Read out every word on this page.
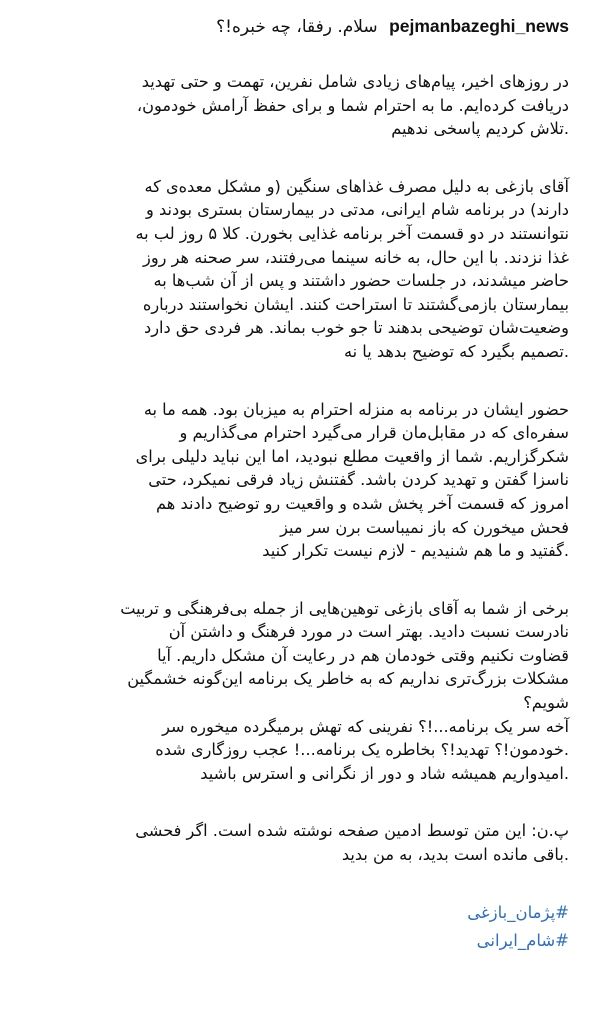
pejmanbazeghi_news سلام. رفقا، چه خبره!؟
در روزهای اخیر، پیام‌های زیادی شامل نفرین، تهمت و حتی تهدید
دریافت کرده‌ایم. ما به احترام شما و برای حفظ آرامش خودمون،
.تلاش کردیم پاسخی ندهیم
آقای بازغی به دلیل مصرف غذاهای سنگین (و مشکل معده‌ی که
دارند) در برنامه شام ایرانی، مدتی در بیمارستان بستری بودند و
نتوانستند در دو قسمت آخر برنامه غذایی بخورن. کلا ۵ روز لب به
غذا نزدند. با این حال، به خانه سینما می‌رفتند، سر صحنه هر روز
حاضر میشدند، در جلسات حضور داشتند و پس از آن شب‌ها به
بیمارستان بازمی‌گشتند تا استراحت کنند. ایشان نخواستند درباره
وضعیت‌شان توضیحی بدهند تا جو خوب بماند. هر فردی حق دارد
.تصمیم بگیرد که توضیح بدهد یا نه
حضور ایشان در برنامه به منزله احترام به میزبان بود. همه ما به
سفره‌ای که در مقابل‌مان قرار می‌گیرد احترام می‌گذاریم و
شکرگزاریم. شما از واقعیت مطلع نبودید، اما این نباید دلیلی برای
ناسزا گفتن و تهدید کردن باشد. گفتنش زیاد فرقی نمیکرد، حتی
امروز که قسمت آخر پخش شده و واقعیت رو توضیح دادند هم
فحش میخورن که باز نمیباست برن سر میز
.گفتید و ما هم شنیدیم - لازم نیست تکرار کنید
برخی از شما به آقای بازغی توهین‌هایی از جمله بی‌فرهنگی و تربیت
نادرست نسبت دادید. بهتر است در مورد فرهنگ و داشتن آن
قضاوت نکنیم وقتی خودمان هم در رعایت آن مشکل داریم. آیا
مشکلات بزرگ‌تری نداریم که به خاطر یک برنامه این‌گونه خشمگین
شویم؟
آخه سر یک برنامه...!؟ نفرینی که تهش برمیگرده میخوره سر
.خودمون!؟ تهدید!؟ بخاطره یک برنامه...! عجب روزگاری شده
.امیدواریم همیشه شاد و دور از نگرانی و استرس باشید
پ.ن: این متن توسط ادمین صفحه نوشته شده است. اگر فحشی
.باقی مانده است بدید، به من بدید
#پژمان_بازغی
#شام_ایرانی
